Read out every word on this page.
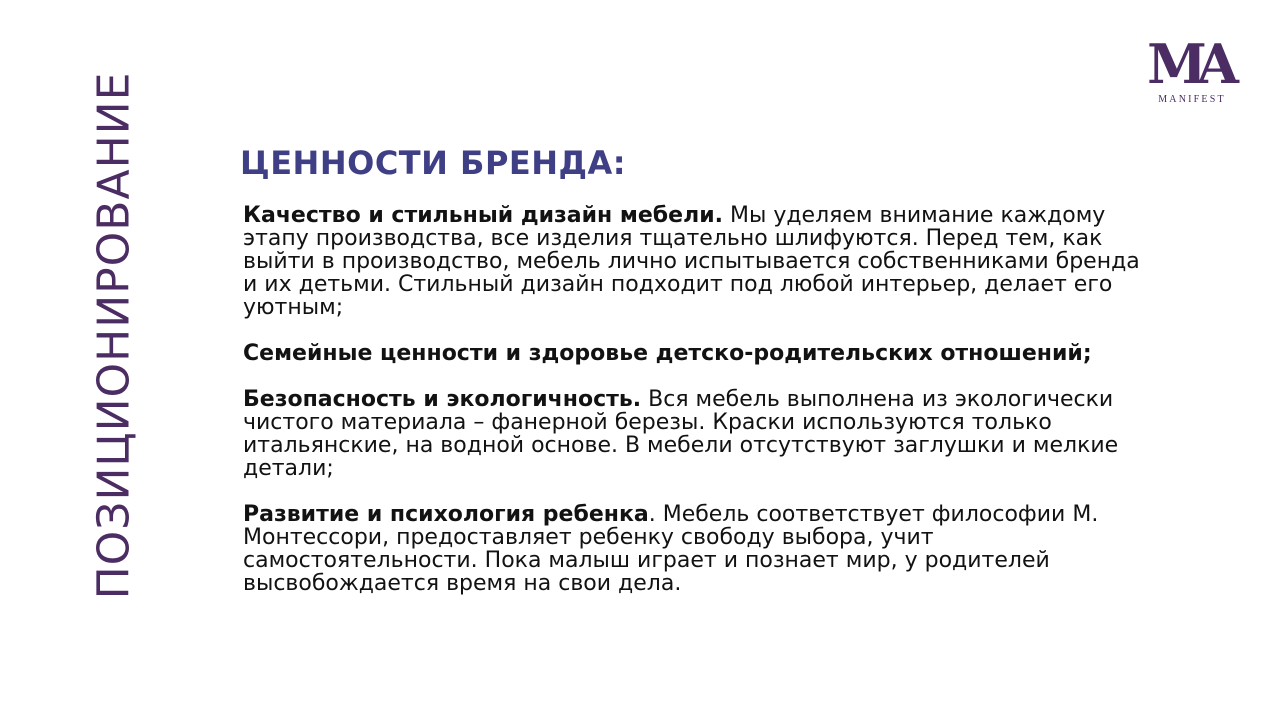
ПОЗИЦИОНИРОВАНИЕ
MA
MANIFEST
ЦЕННОСТИ БРЕНДА:

Качество и стильный дизайн мебели. Мы уделяем внимание каждому этапу производства, все изделия тщательно шлифуются. Перед тем, как выйти в производство, мебель лично испытывается собственниками бренда и их детьми. Стильный дизайн подходит под любой интерьер, делает его уютным;

Семейные ценности и здоровье детско-родительских отношений;

Безопасность и экологичность. Вся мебель выполнена из экологически чистого материала – фанерной березы. Краски используются только итальянские, на водной основе. В мебели отсутствуют заглушки и мелкие детали;

Развитие и психология ребенка. Мебель соответствует философии М. Монтессори, предоставляет ребенку свободу выбора, учит самостоятельности. Пока малыш играет и познает мир, у родителей высвобождается время на свои дела.
